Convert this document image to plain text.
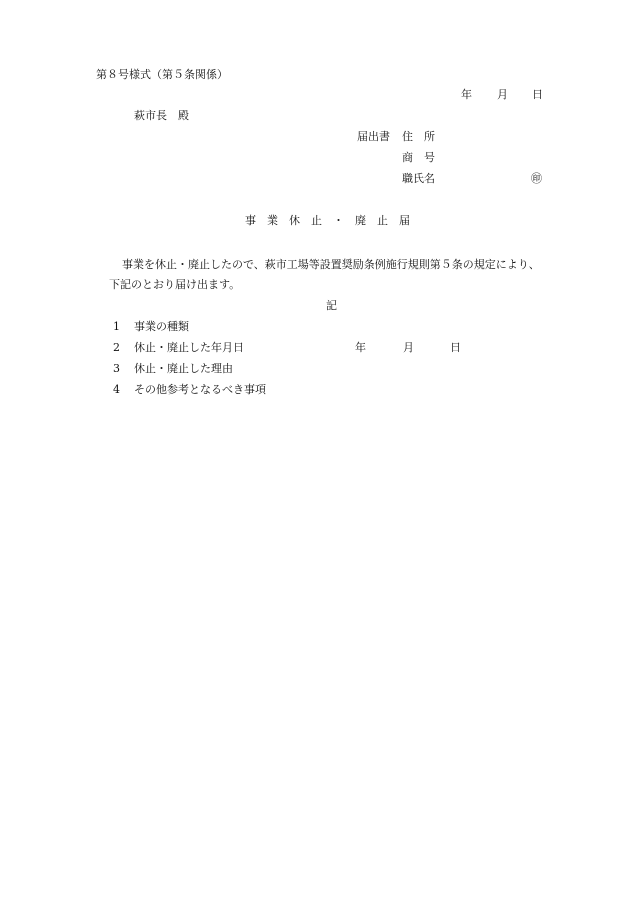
第８号様式（第５条関係）
年 月 日
萩市長　殿
届出書 住　所
商　号
職氏名	㊞
事　業　休　止　・　廃　止　届
事業を休止・廃止したので、萩市工場等設置奨励条例施行規則第５条の規定により、
下記のとおり届け出ます。
記
1 事業の種類
2 休止・廃止した年月日	年	月	日
3 休止・廃止した理由
4 その他参考となるべき事項
